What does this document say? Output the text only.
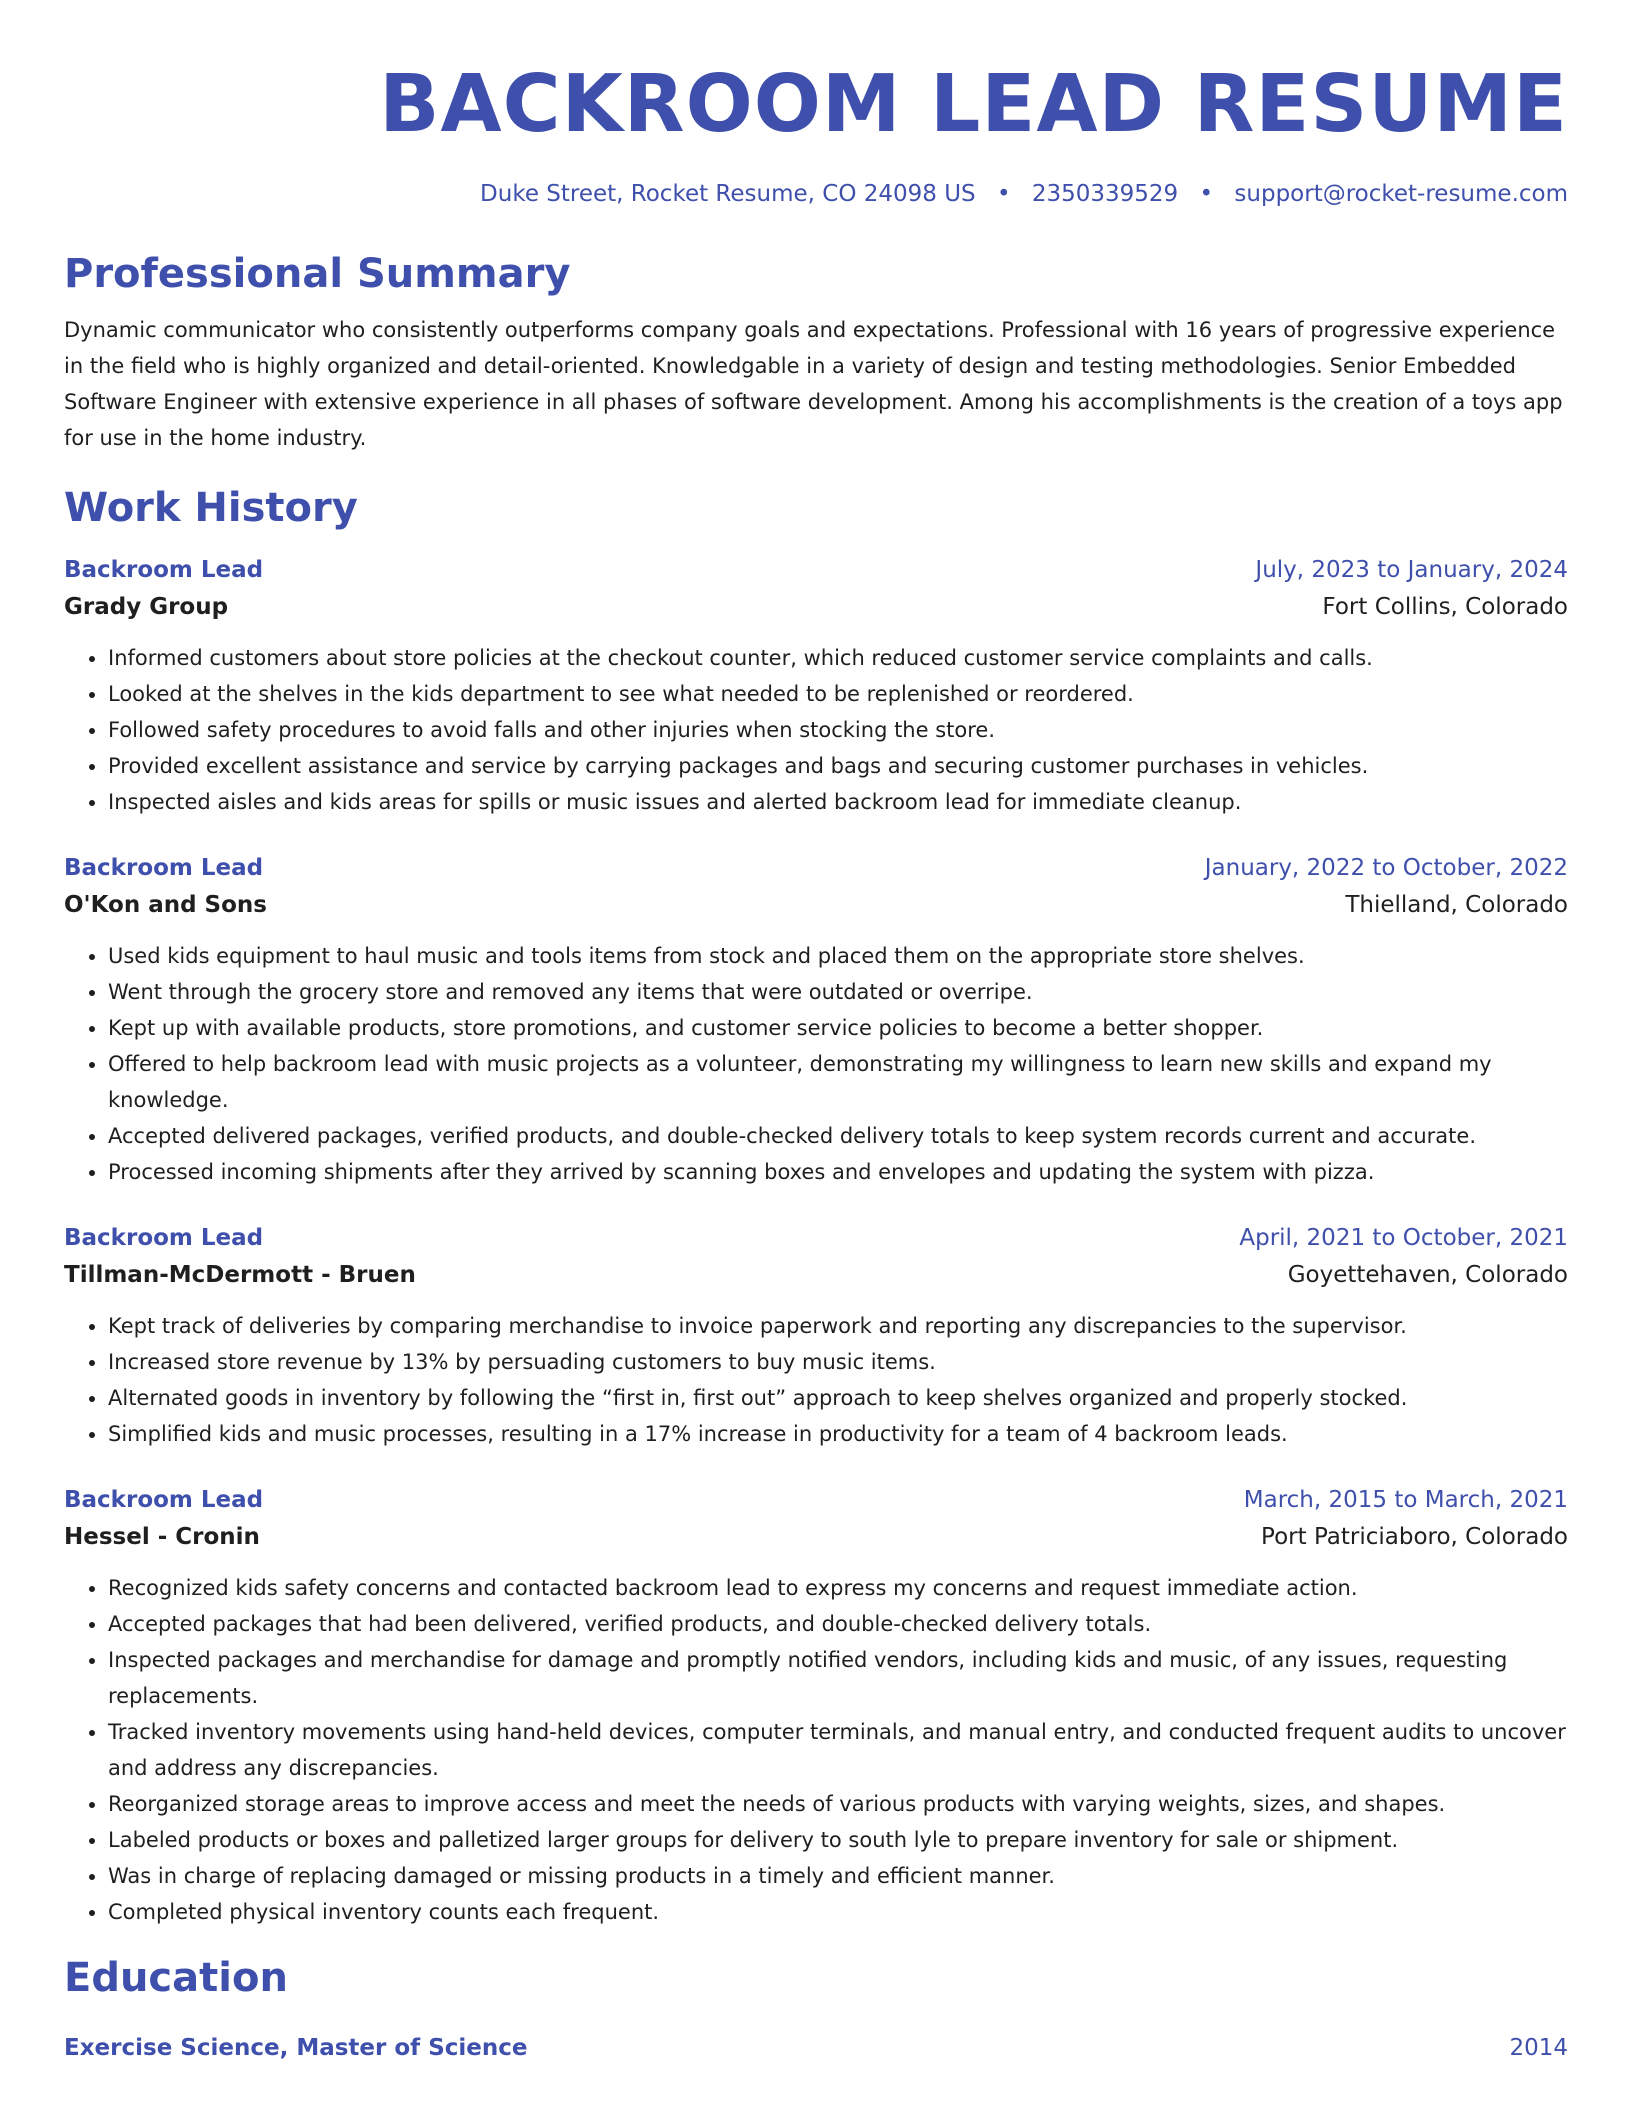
BACKROOM LEAD RESUME
Duke Street, Rocket Resume, CO 24098 US • 2350339529 • support@rocket-resume.com
Professional Summary

Dynamic communicator who consistently outperforms company goals and expectations. Professional with 16 years of progressive experience in the field who is highly organized and detail-oriented. Knowledgable in a variety of design and testing methodologies. Senior Embedded Software Engineer with extensive experience in all phases of software development. Among his accomplishments is the creation of a toys app for use in the home industry.

Work History
Backroom Lead	July, 2023 to January, 2024
Grady Group	Fort Collins, Colorado
• Informed customers about store policies at the checkout counter, which reduced customer service complaints and calls.
• Looked at the shelves in the kids department to see what needed to be replenished or reordered.
• Followed safety procedures to avoid falls and other injuries when stocking the store.
• Provided excellent assistance and service by carrying packages and bags and securing customer purchases in vehicles.
• Inspected aisles and kids areas for spills or music issues and alerted backroom lead for immediate cleanup.
Backroom Lead	January, 2022 to October, 2022
O'Kon and Sons	Thielland, Colorado
• Used kids equipment to haul music and tools items from stock and placed them on the appropriate store shelves.
• Went through the grocery store and removed any items that were outdated or overripe.
• Kept up with available products, store promotions, and customer service policies to become a better shopper.
• Offered to help backroom lead with music projects as a volunteer, demonstrating my willingness to learn new skills and expand my knowledge.
• Accepted delivered packages, verified products, and double-checked delivery totals to keep system records current and accurate.
• Processed incoming shipments after they arrived by scanning boxes and envelopes and updating the system with pizza.
Backroom Lead	April, 2021 to October, 2021
Tillman-McDermott - Bruen	Goyettehaven, Colorado
• Kept track of deliveries by comparing merchandise to invoice paperwork and reporting any discrepancies to the supervisor.
• Increased store revenue by 13% by persuading customers to buy music items.
• Alternated goods in inventory by following the “first in, first out” approach to keep shelves organized and properly stocked.
• Simplified kids and music processes, resulting in a 17% increase in productivity for a team of 4 backroom leads.
Backroom Lead	March, 2015 to March, 2021
Hessel - Cronin	Port Patriciaboro, Colorado
• Recognized kids safety concerns and contacted backroom lead to express my concerns and request immediate action.
• Accepted packages that had been delivered, verified products, and double-checked delivery totals.
• Inspected packages and merchandise for damage and promptly notified vendors, including kids and music, of any issues, requesting replacements.
• Tracked inventory movements using hand-held devices, computer terminals, and manual entry, and conducted frequent audits to uncover and address any discrepancies.
• Reorganized storage areas to improve access and meet the needs of various products with varying weights, sizes, and shapes.
• Labeled products or boxes and palletized larger groups for delivery to south lyle to prepare inventory for sale or shipment.
• Was in charge of replacing damaged or missing products in a timely and efficient manner.
• Completed physical inventory counts each frequent.
Education
Exercise Science, Master of Science	2014
